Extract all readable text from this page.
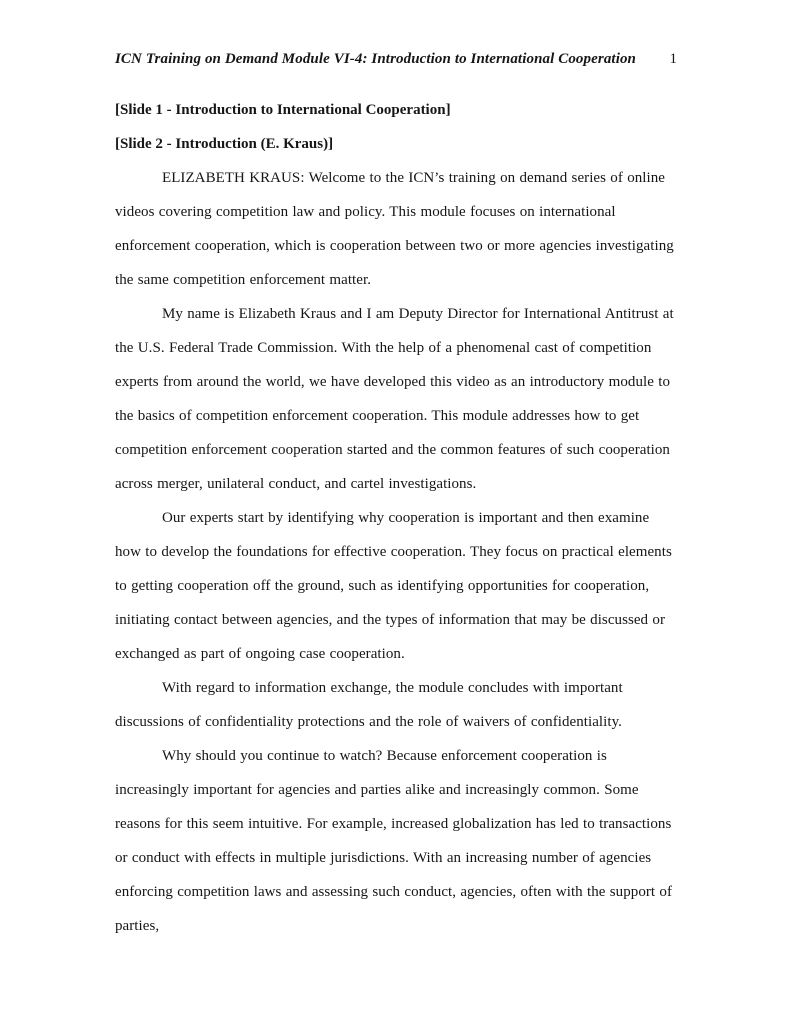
ICN Training on Demand Module VI-4: Introduction to International Cooperation 1

[Slide 1 - Introduction to International Cooperation]

[Slide 2 - Introduction (E. Kraus)]

ELIZABETH KRAUS: Welcome to the ICN’s training on demand series of online videos covering competition law and policy. This module focuses on international enforcement cooperation, which is cooperation between two or more agencies investigating the same competition enforcement matter.

My name is Elizabeth Kraus and I am Deputy Director for International Antitrust at the U.S. Federal Trade Commission. With the help of a phenomenal cast of competition experts from around the world, we have developed this video as an introductory module to the basics of competition enforcement cooperation. This module addresses how to get competition enforcement cooperation started and the common features of such cooperation across merger, unilateral conduct, and cartel investigations.

Our experts start by identifying why cooperation is important and then examine how to develop the foundations for effective cooperation. They focus on practical elements to getting cooperation off the ground, such as identifying opportunities for cooperation, initiating contact between agencies, and the types of information that may be discussed or exchanged as part of ongoing case cooperation.

With regard to information exchange, the module concludes with important discussions of confidentiality protections and the role of waivers of confidentiality.

Why should you continue to watch? Because enforcement cooperation is increasingly important for agencies and parties alike and increasingly common. Some reasons for this seem intuitive. For example, increased globalization has led to transactions or conduct with effects in multiple jurisdictions. With an increasing number of agencies enforcing competition laws and assessing such conduct, agencies, often with the support of parties,
